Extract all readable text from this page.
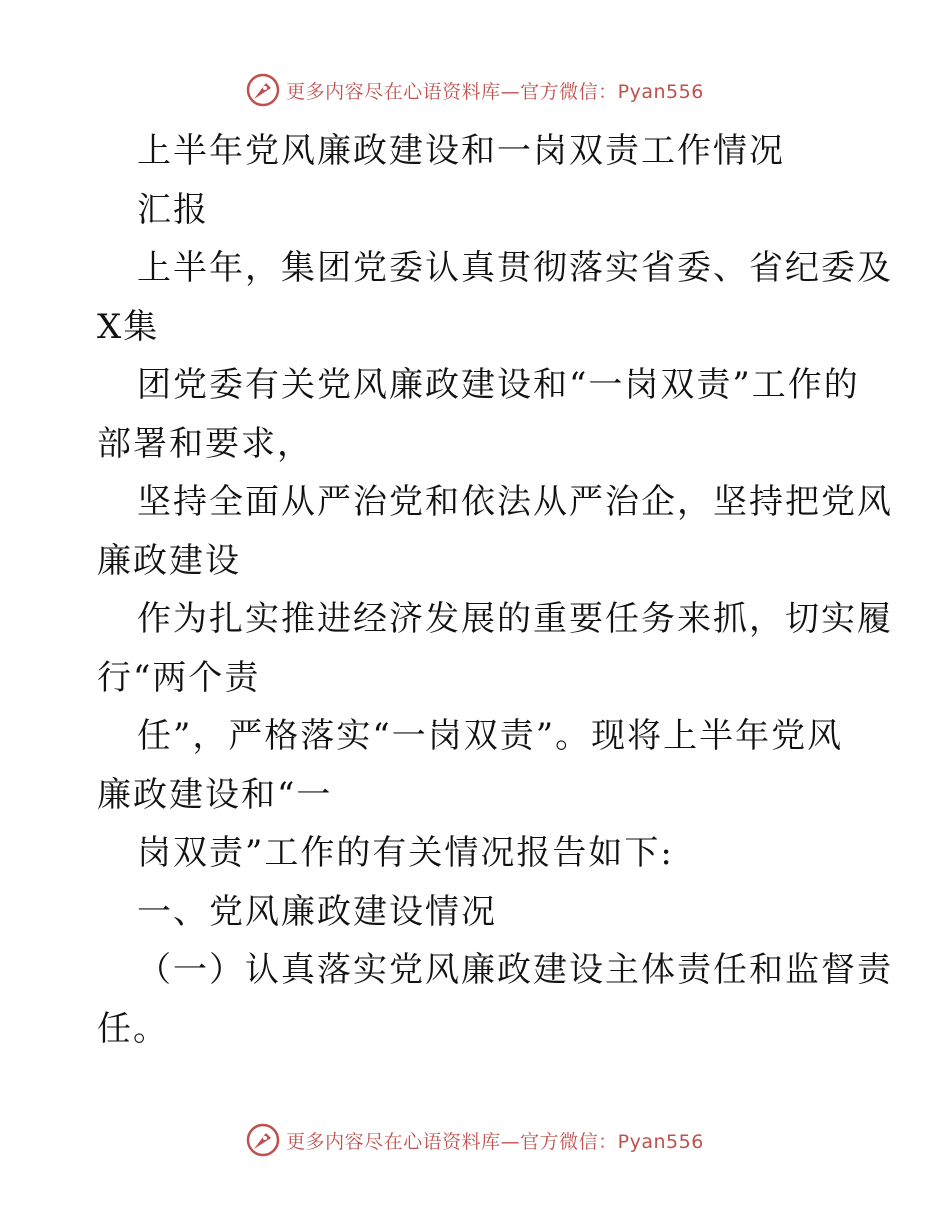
更多内容尽在心语资料库—官方微信：Pyan556
上半年党风廉政建设和一岗双责工作情况
汇报
上半年，集团党委认真贯彻落实省委、省纪委及
X集
团党委有关党风廉政建设和“一岗双责”工作的
部署和要求，
坚持全面从严治党和依法从严治企，坚持把党风
廉政建设
作为扎实推进经济发展的重要任务来抓，切实履
行“两个责
任”，严格落实“一岗双责”。现将上半年党风
廉政建设和“一
岗双责”工作的有关情况报告如下:
一、党风廉政建设情况
（一）认真落实党风廉政建设主体责任和监督责
任。
更多内容尽在心语资料库—官方微信：Pyan556
